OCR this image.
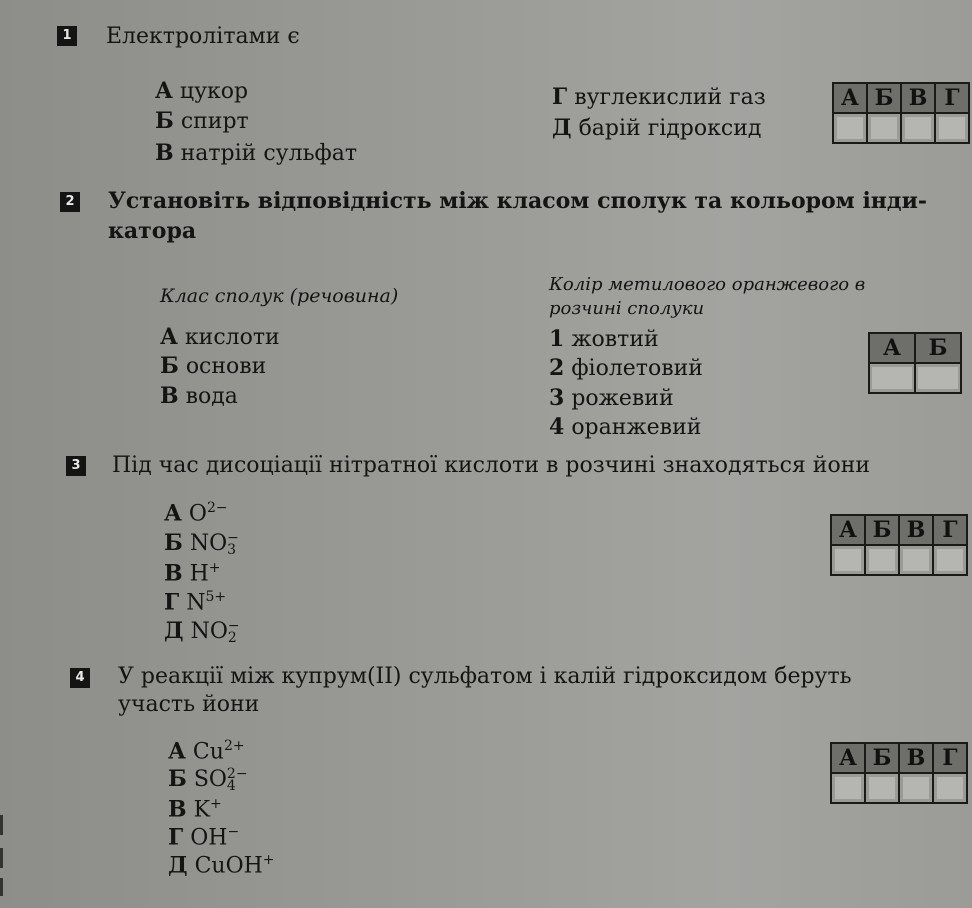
1 Електролітами є
А цукор
Б спирт
В натрій сульфат
Г вуглекислий газ
Д барій гідроксид
А	Б	В	Г

2 Установіть відповідність між класом сполук та кольором інди-
катора
Клас сполук (речовина)
Колір метилового оранжевого в
розчині сполуки
А кислоти
Б основи
В вода
1 жовтий
2 фіолетовий
3 рожевий
4 оранжевий
А	Б

3 Під час дисоціації нітратної кислоти в розчині знаходяться йони
А $O^{2-}$
Б NO −
3
В H+
Г $N^{5+}$
Д NO −
2
А	Б	В	Г

4 У реакції між купрум(II) сульфатом і калій гідроксидом беруть
участь йони
А $Cu^{2+}$
Б SO 2−
4
В K+
Г OH−
Д CuOH+
А	Б	В	Г
